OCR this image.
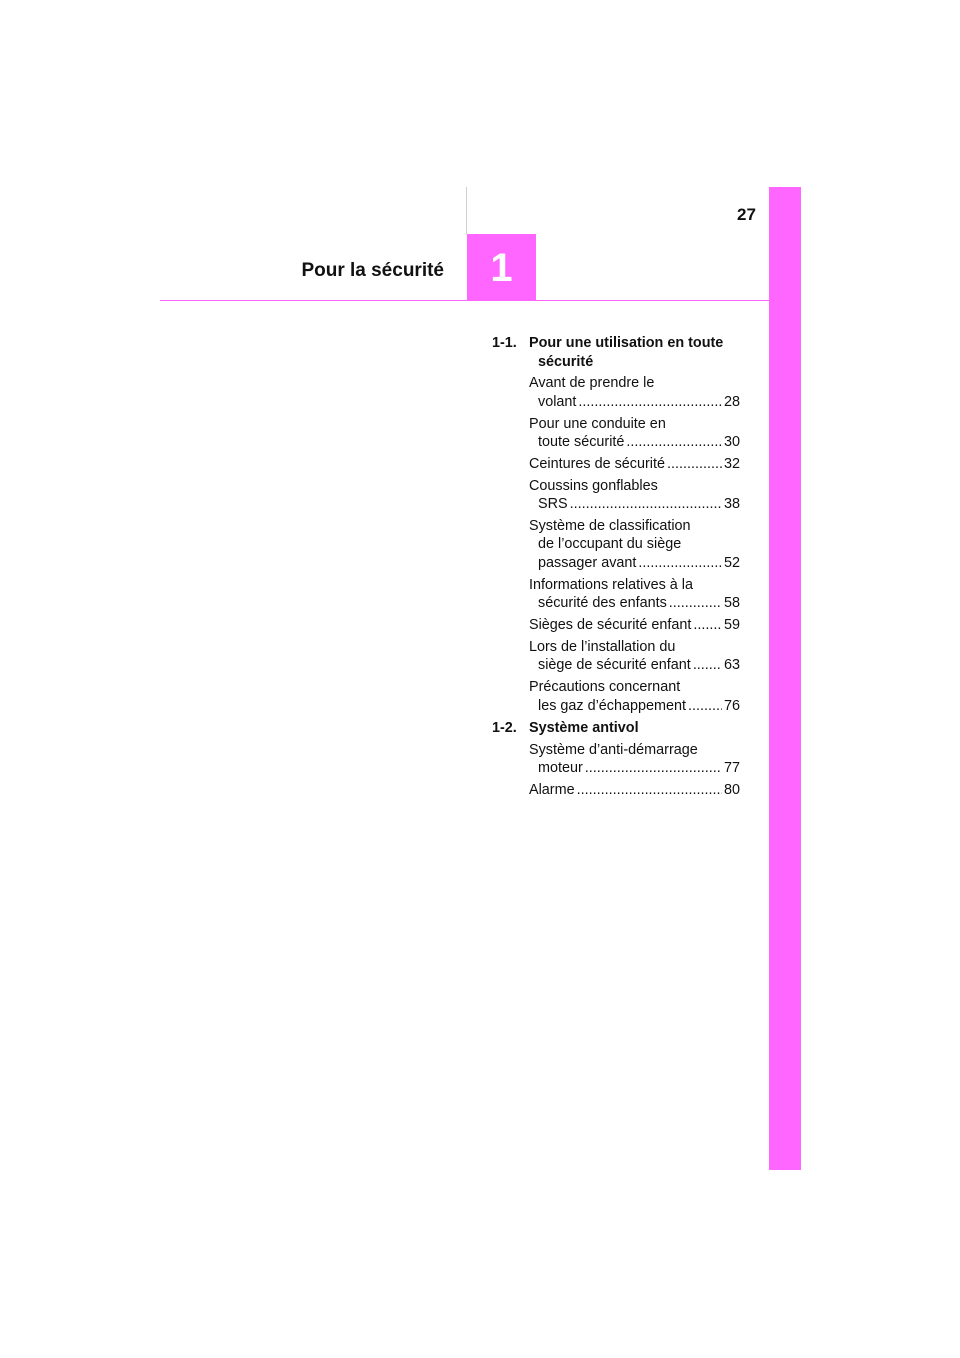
27
Pour la sécurité 1
1-1. Pour une utilisation en toute sécurité
Avant de prendre le
volant .....	28
Pour une conduite en
toute sécurité .....	30
Ceintures de sécurité .....	32
Coussins gonflables
SRS .....	38
Système de classification
de l’occupant du siège
passager avant .....	52
Informations relatives à la
sécurité des enfants .....	58
Sièges de sécurité enfant ..... 59
Lors de l’installation du
siège de sécurité enfant ..... 63
Précautions concernant
les gaz d’échappement .....	76
1-2. Système antivol
Système d’anti-démarrage
moteur .....	77
Alarme .....	80
